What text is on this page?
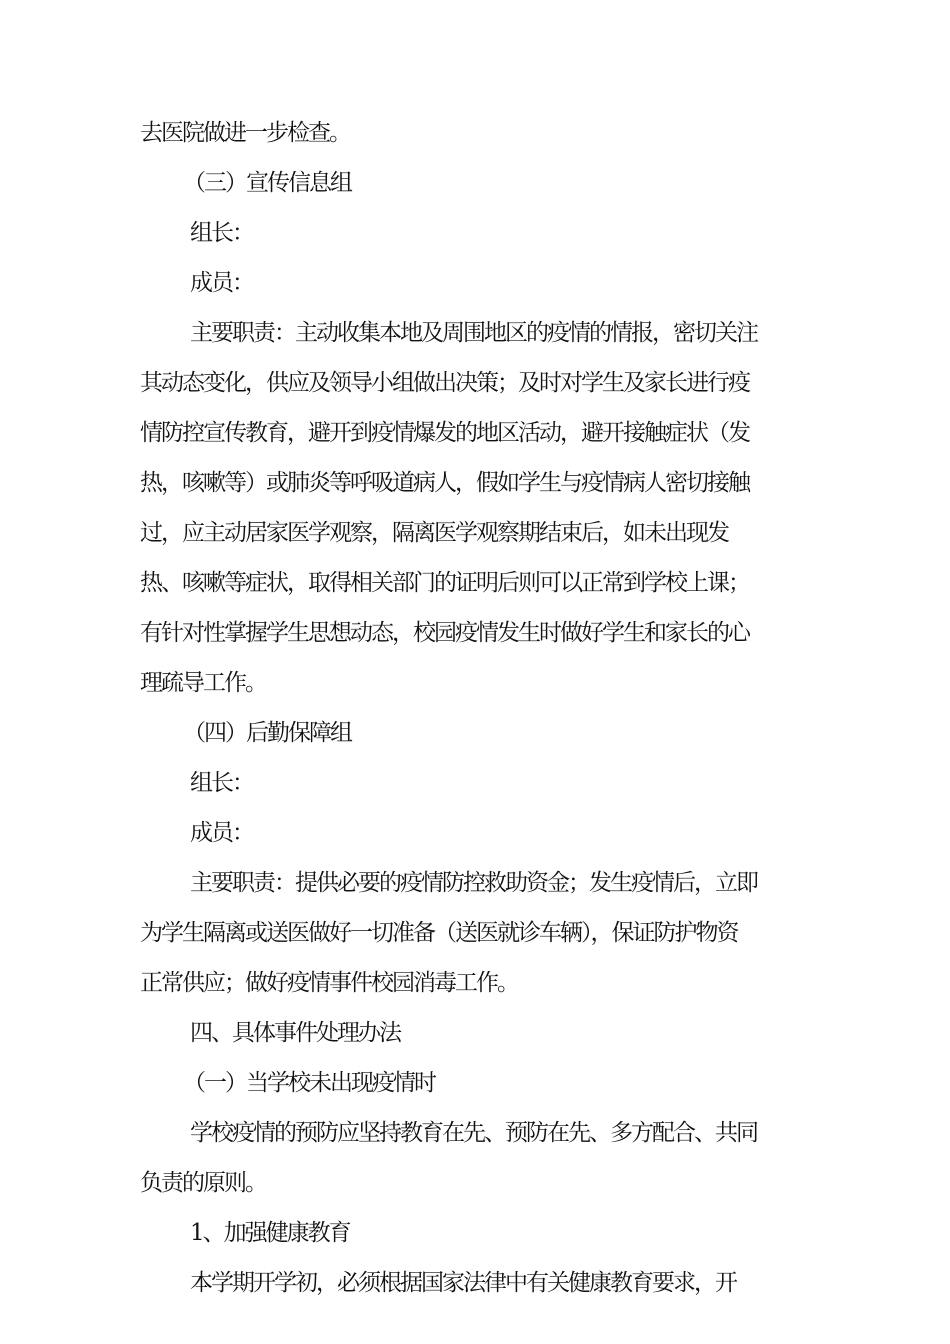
去医院做进一步检查。
（三）宣传信息组
组长：
成员：
主要职责：主动收集本地及周围地区的疫情的情报，密切关注
其动态变化，供应及领导小组做出决策；及时对学生及家长进行疫
情防控宣传教育，避开到疫情爆发的地区活动，避开接触症状（发
热，咳嗽等）或肺炎等呼吸道病人，假如学生与疫情病人密切接触
过，应主动居家医学观察，隔离医学观察期结束后，如未出现发
热、咳嗽等症状，取得相关部门的证明后则可以正常到学校上课；
有针对性掌握学生思想动态，校园疫情发生时做好学生和家长的心
理疏导工作。
（四）后勤保障组
组长：
成员：
主要职责：提供必要的疫情防控救助资金；发生疫情后，立即
为学生隔离或送医做好一切准备（送医就诊车辆），保证防护物资
正常供应；做好疫情事件校园消毒工作。
四、具体事件处理办法
（一）当学校未出现疫情时
学校疫情的预防应坚持教育在先、预防在先、多方配合、共同
负责的原则。
1、加强健康教育
本学期开学初，必须根据国家法律中有关健康教育要求，开
